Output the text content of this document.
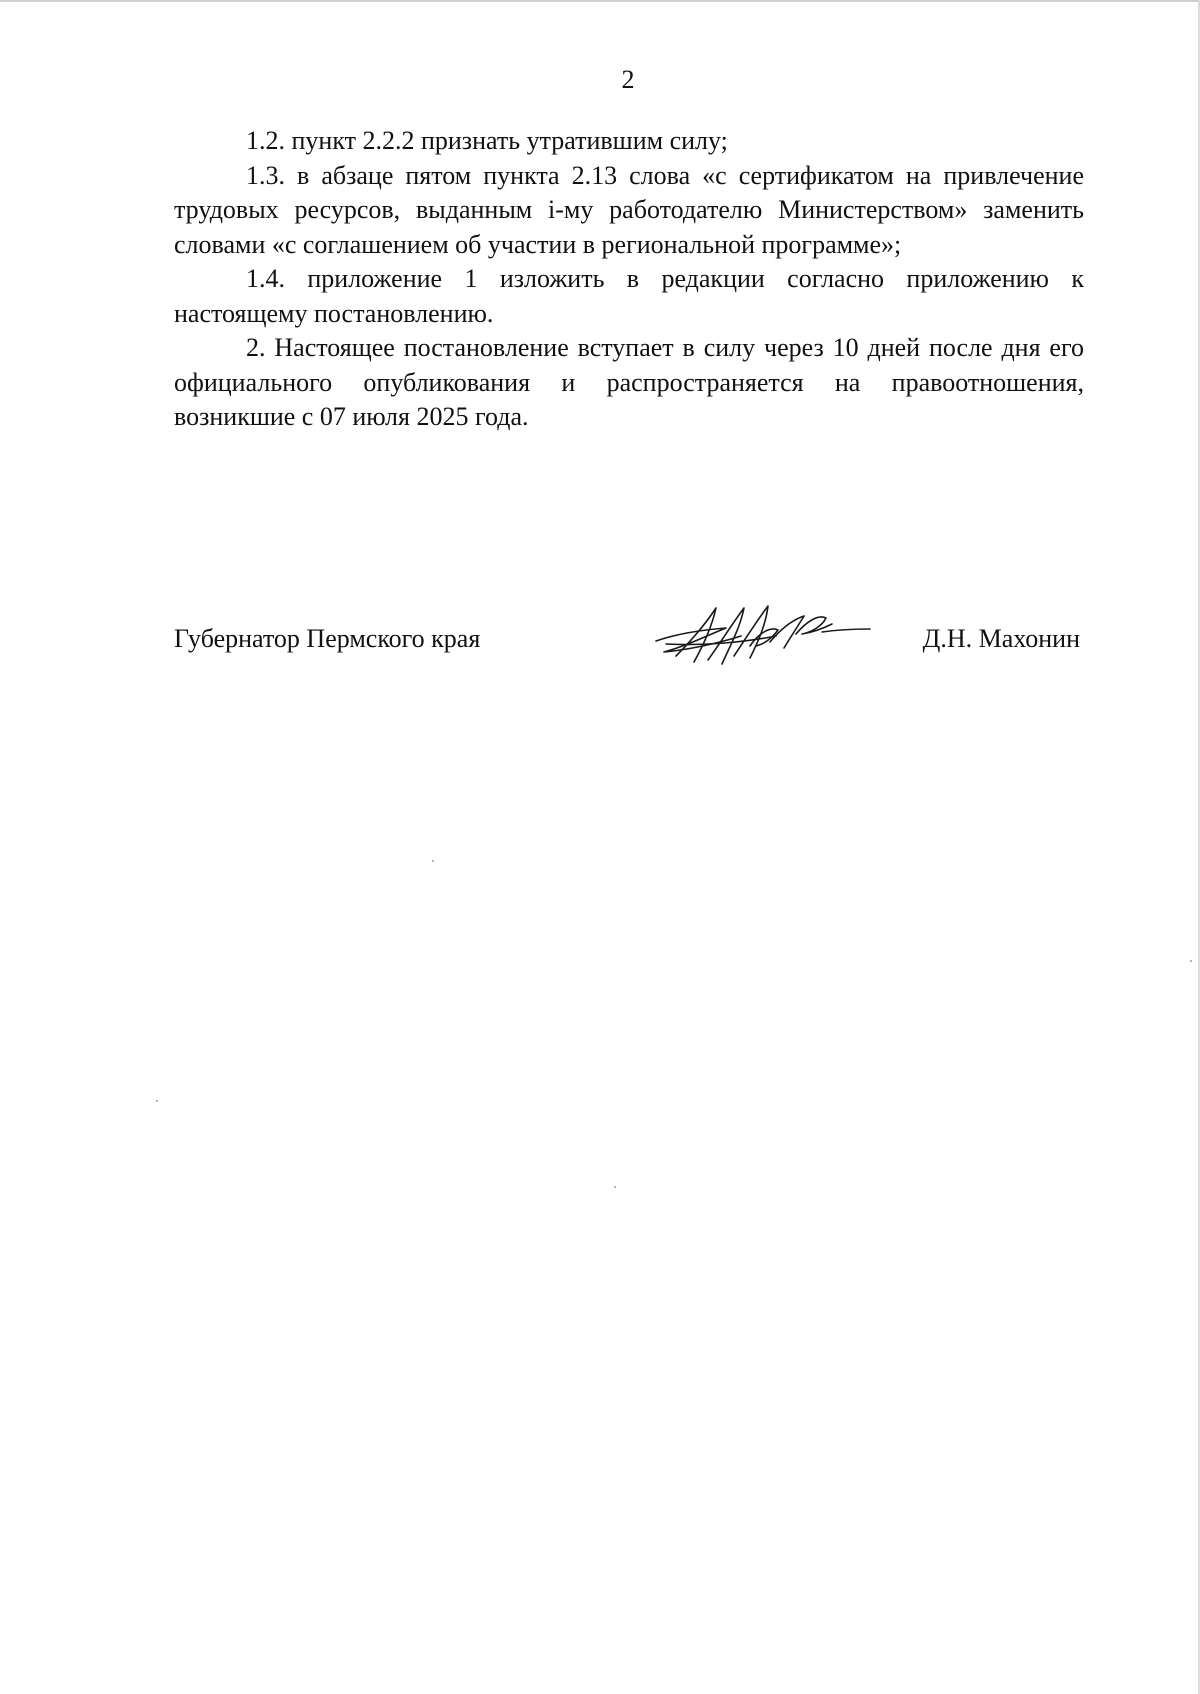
2

1.2. пункт 2.2.2 признать утратившим силу;

1.3. в абзаце пятом пункта 2.13 слова «с сертификатом на привлечение трудовых ресурсов, выданным i-му работодателю Министерством» заменить словами «с соглашением об участии в региональной программе»;

1.4. приложение 1 изложить в редакции согласно приложению к настоящему постановлению.

2. Настоящее постановление вступает в силу через 10 дней после дня его официального опубликования и распространяется на правоотношения, возникшие с 07 июля 2025 года.

Губернатор Пермского края	Д.Н. Махонин
